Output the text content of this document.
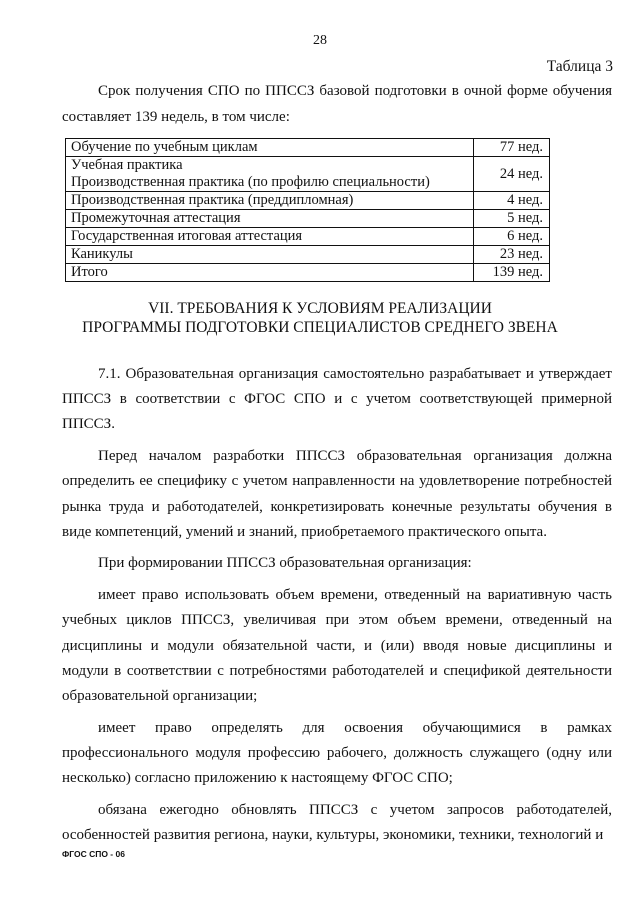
28
Таблица 3
Срок получения СПО по ППССЗ базовой подготовки в очной форме обучения составляет 139 недель, в том числе:
Обучение по учебным циклам	77 нед.

Учебная практика
Производственная практика (по профилю специальности)	24 нед.
Производственная практика (преддипломная)	4 нед.
Промежуточная аттестация	5 нед.
Государственная итоговая аттестация	6 нед.
Каникулы	23 нед.
Итого	139 нед.
VII. ТРЕБОВАНИЯ К УСЛОВИЯМ РЕАЛИЗАЦИИ
ПРОГРАММЫ ПОДГОТОВКИ СПЕЦИАЛИСТОВ СРЕДНЕГО ЗВЕНА

7.1. Образовательная организация самостоятельно разрабатывает и утверждает ППССЗ в соответствии с ФГОС СПО и с учетом соответствующей примерной ППССЗ.

Перед началом разработки ППССЗ образовательная организация должна определить ее специфику с учетом направленности на удовлетворение потребностей рынка труда и работодателей, конкретизировать конечные результаты обучения в виде компетенций, умений и знаний, приобретаемого практического опыта.

При формировании ППССЗ образовательная организация:

имеет право использовать объем времени, отведенный на вариативную часть учебных циклов ППССЗ, увеличивая при этом объем времени, отведенный на дисциплины и модули обязательной части, и (или) вводя новые дисциплины и модули в соответствии с потребностями работодателей и спецификой деятельности образовательной организации;

имеет право определять для освоения обучающимися в рамках профессионального модуля профессию рабочего, должность служащего (одну или несколько) согласно приложению к настоящему ФГОС СПО;

обязана ежегодно обновлять ППССЗ с учетом запросов работодателей, особенностей развития региона, науки, культуры, экономики, техники, технологий и

ФГОС СПО - 06
